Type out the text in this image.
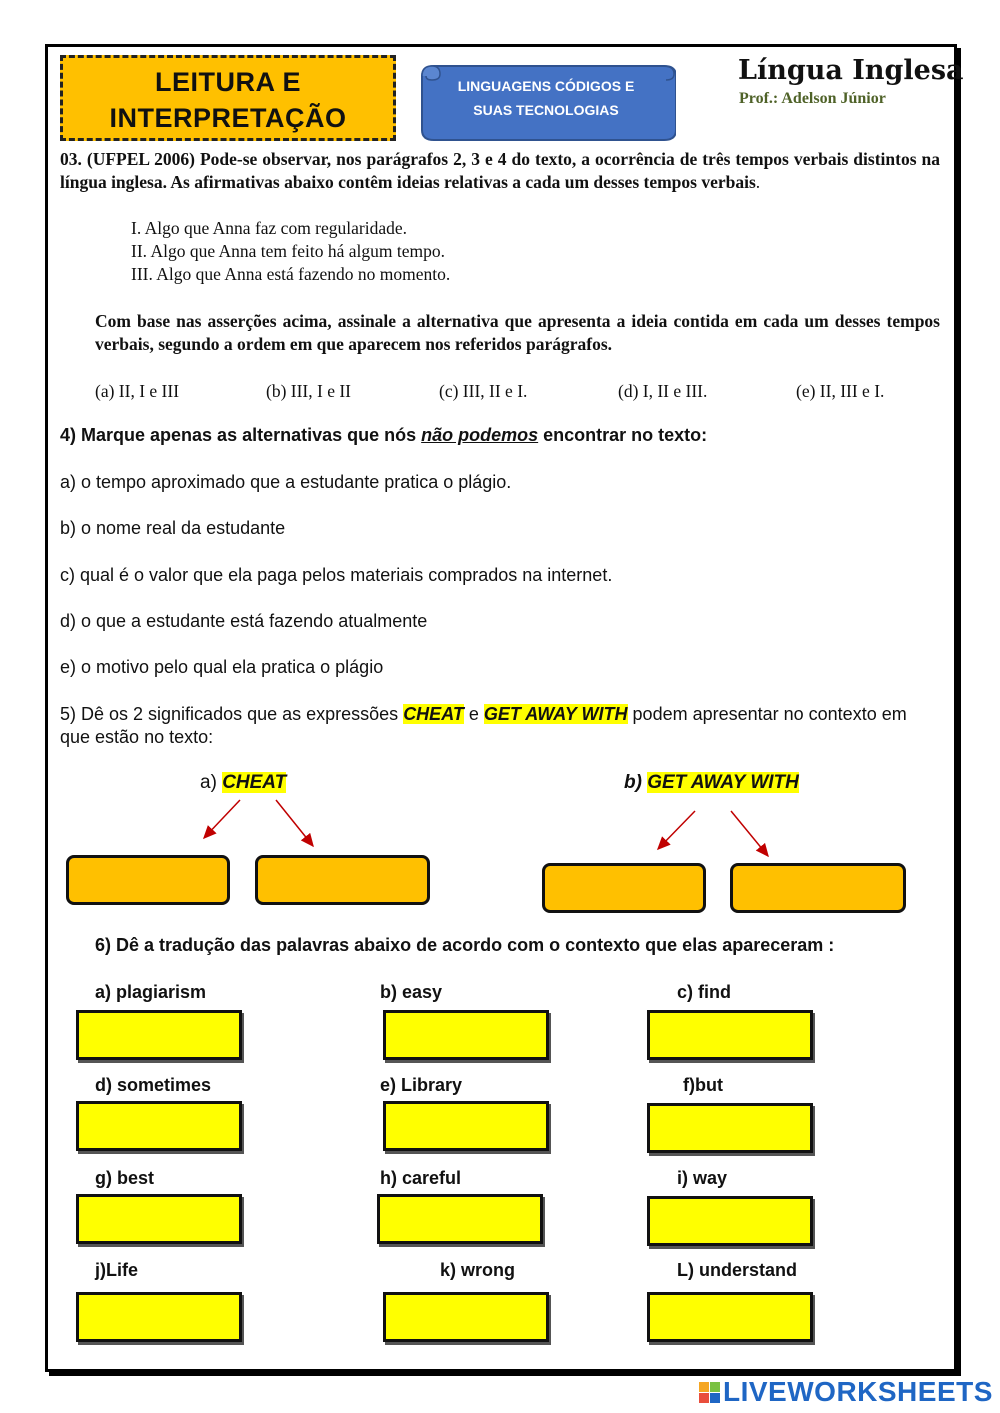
LEITURA E
INTERPRETAÇÃO
LINGUAGENS CÓDIGOS E
SUAS TECNOLOGIAS
Língua Inglesa
Prof.: Adelson Júnior
03. (UFPEL 2006) Pode-se observar, nos parágrafos 2, 3 e 4 do texto, a ocorrência de três tempos verbais distintos na língua inglesa. As afirmativas abaixo contêm ideias relativas a cada um desses tempos verbais.
I. Algo que Anna faz com regularidade.
II. Algo que Anna tem feito há algum tempo.
III. Algo que Anna está fazendo no momento.
Com base nas asserções acima, assinale a alternativa que apresenta a ideia contida em cada um desses tempos verbais, segundo a ordem em que aparecem nos referidos parágrafos.
(a) II, I e III	(b) III, I e II	(c) III, II e I.	(d) I, II e III.	(e) II, III e I.
4) Marque apenas as alternativas que nós não podemos encontrar no texto:
a) o tempo aproximado que a estudante pratica o plágio.
b) o nome real da estudante
c) qual é o valor que ela paga pelos materiais comprados na internet.
d) o que a estudante está fazendo atualmente
e) o motivo pelo qual ela pratica o plágio
5) Dê os 2 significados que as expressões CHEAT e GET AWAY WITH podem apresentar no contexto em que estão no texto:
a) CHEAT	b) GET AWAY WITH
6) Dê a tradução das palavras abaixo de acordo com o contexto que elas apareceram :
a) plagiarism	b) easy	c) find
d) sometimes	e) Library	f)but
g) best	h) careful	i) way
j)Life	k) wrong	L) understand
LIVEWORKSHEETS
